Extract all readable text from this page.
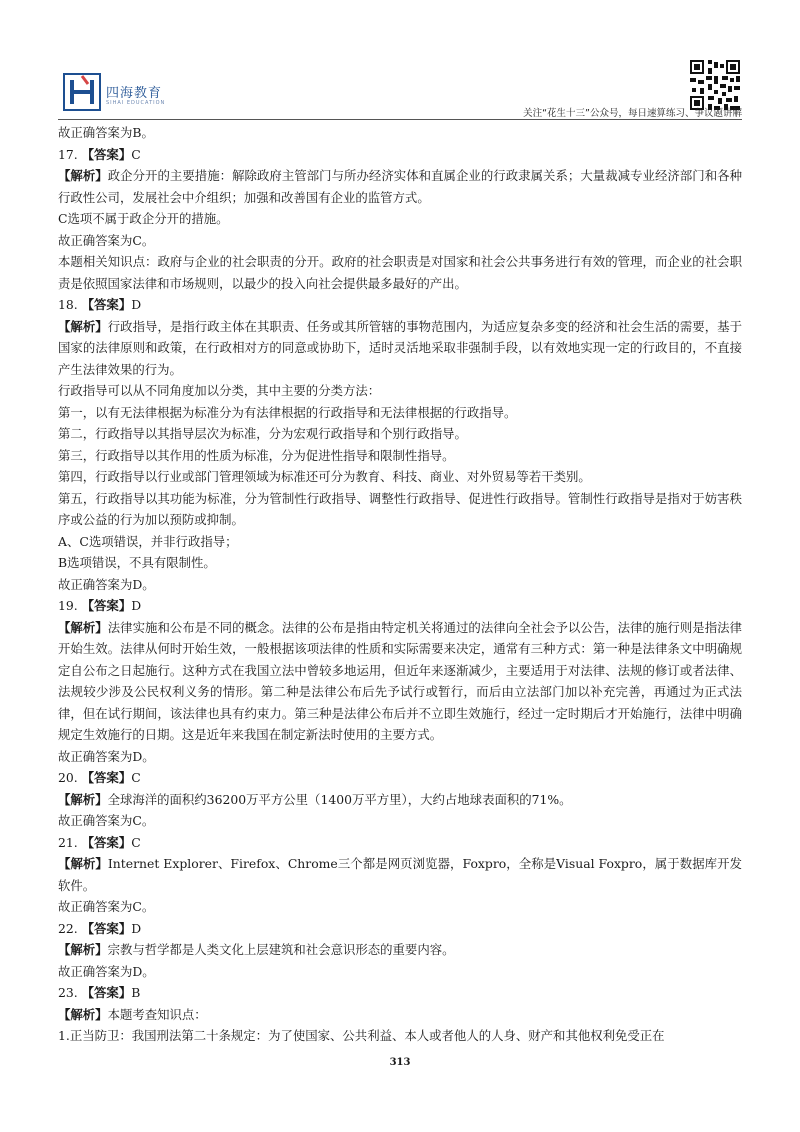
四海教育
SIHAI EDUCATION
关注“花生十三”公众号，每日速算练习、争议题讲解

故正确答案为B。

17. 【答案】C

【解析】政企分开的主要措施：解除政府主管部门与所办经济实体和直属企业的行政隶属关系；大量裁减专业经济部门和各种行政性公司，发展社会中介组织；加强和改善国有企业的监管方式。

C选项不属于政企分开的措施。

故正确答案为C。

本题相关知识点：政府与企业的社会职责的分开。政府的社会职责是对国家和社会公共事务进行有效的管理，而企业的社会职责是依照国家法律和市场规则，以最少的投入向社会提供最多最好的产出。

18. 【答案】D

【解析】行政指导，是指行政主体在其职责、任务或其所管辖的事物范围内，为适应复杂多变的经济和社会生活的需要，基于国家的法律原则和政策，在行政相对方的同意或协助下，适时灵活地采取非强制手段，以有效地实现一定的行政目的，不直接产生法律效果的行为。

行政指导可以从不同角度加以分类，其中主要的分类方法：

第一，以有无法律根据为标准分为有法律根据的行政指导和无法律根据的行政指导。

第二，行政指导以其指导层次为标准，分为宏观行政指导和个别行政指导。

第三，行政指导以其作用的性质为标准，分为促进性指导和限制性指导。

第四，行政指导以行业或部门管理领域为标准还可分为教育、科技、商业、对外贸易等若干类别。

第五，行政指导以其功能为标准，分为管制性行政指导、调整性行政指导、促进性行政指导。管制性行政指导是指对于妨害秩序或公益的行为加以预防或抑制。

A、C选项错误，并非行政指导；

B选项错误，不具有限制性。

故正确答案为D。

19. 【答案】D

【解析】法律实施和公布是不同的概念。法律的公布是指由特定机关将通过的法律向全社会予以公告，法律的施行则是指法律开始生效。法律从何时开始生效，一般根据该项法律的性质和实际需要来决定，通常有三种方式：第一种是法律条文中明确规定自公布之日起施行。这种方式在我国立法中曾较多地运用，但近年来逐渐减少，主要适用于对法律、法规的修订或者法律、法规较少涉及公民权利义务的情形。第二种是法律公布后先予试行或暂行，而后由立法部门加以补充完善，再通过为正式法律，但在试行期间，该法律也具有约束力。第三种是法律公布后并不立即生效施行，经过一定时期后才开始施行，法律中明确规定生效施行的日期。这是近年来我国在制定新法时使用的主要方式。

故正确答案为D。

20. 【答案】C

【解析】全球海洋的面积约36200万平方公里（1400万平方里），大约占地球表面积的71%。

故正确答案为C。

21. 【答案】C

【解析】Internet Explorer、Firefox、Chrome三个都是网页浏览器，Foxpro，全称是Visual Foxpro，属于数据库开发软件。

故正确答案为C。

22. 【答案】D

【解析】宗教与哲学都是人类文化上层建筑和社会意识形态的重要内容。

故正确答案为D。

23. 【答案】B

【解析】本题考查知识点：

1.正当防卫：我国刑法第二十条规定：为了使国家、公共利益、本人或者他人的人身、财产和其他权利免受正在

313
